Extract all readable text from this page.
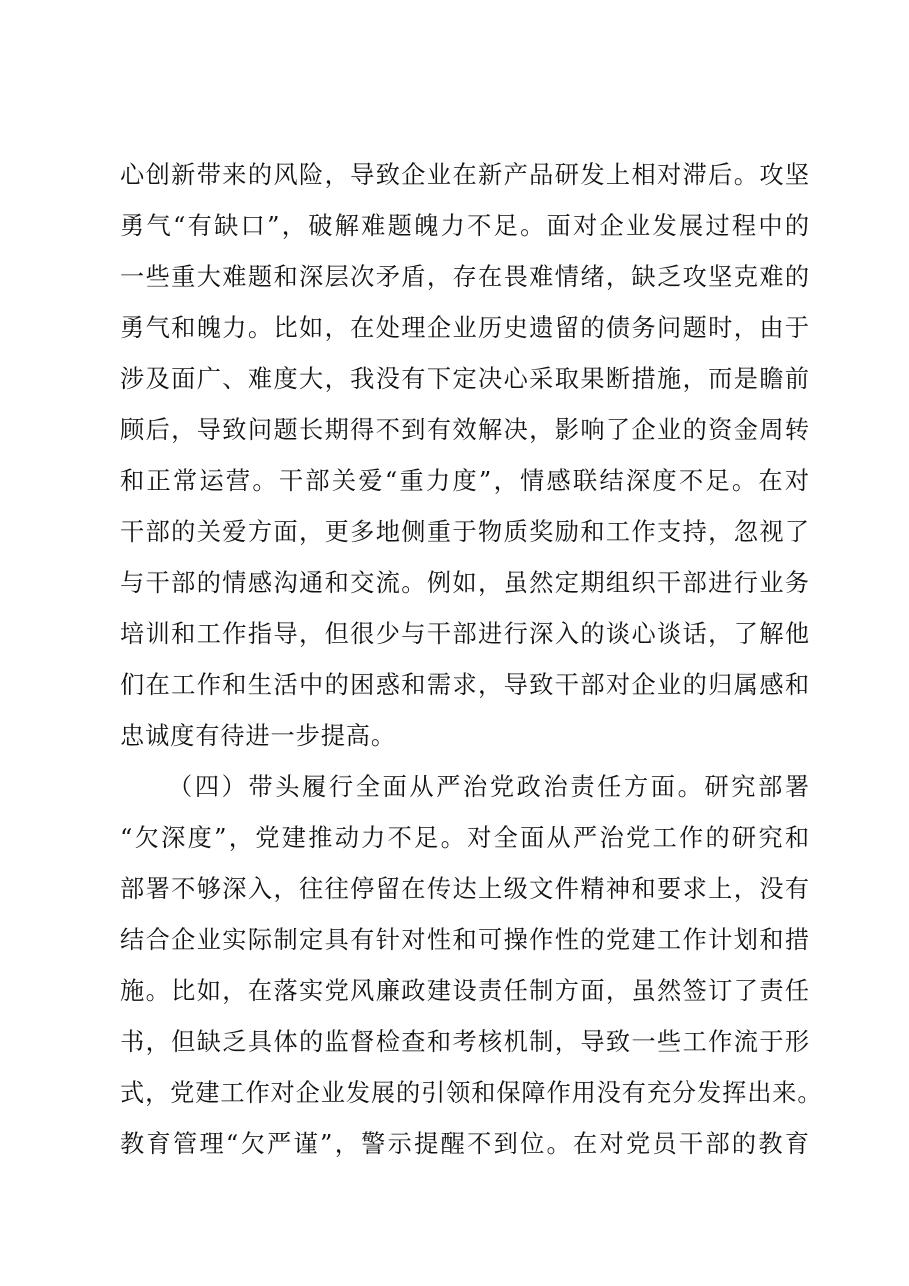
心创新带来的风险，导致企业在新产品研发上相对滞后。攻坚
勇气“有缺口”，破解难题魄力不足。面对企业发展过程中的
一些重大难题和深层次矛盾，存在畏难情绪，缺乏攻坚克难的
勇气和魄力。比如，在处理企业历史遗留的债务问题时，由于
涉及面广、难度大，我没有下定决心采取果断措施，而是瞻前
顾后，导致问题长期得不到有效解决，影响了企业的资金周转
和正常运营。干部关爱“重力度”，情感联结深度不足。在对
干部的关爱方面，更多地侧重于物质奖励和工作支持，忽视了
与干部的情感沟通和交流。例如，虽然定期组织干部进行业务
培训和工作指导，但很少与干部进行深入的谈心谈话，了解他
们在工作和生活中的困惑和需求，导致干部对企业的归属感和
忠诚度有待进一步提高。
（四）带头履行全面从严治党政治责任方面。研究部署
“欠深度”，党建推动力不足。对全面从严治党工作的研究和
部署不够深入，往往停留在传达上级文件精神和要求上，没有
结合企业实际制定具有针对性和可操作性的党建工作计划和措
施。比如，在落实党风廉政建设责任制方面，虽然签订了责任
书，但缺乏具体的监督检查和考核机制，导致一些工作流于形
式，党建工作对企业发展的引领和保障作用没有充分发挥出来。
教育管理“欠严谨”，警示提醒不到位。在对党员干部的教育
